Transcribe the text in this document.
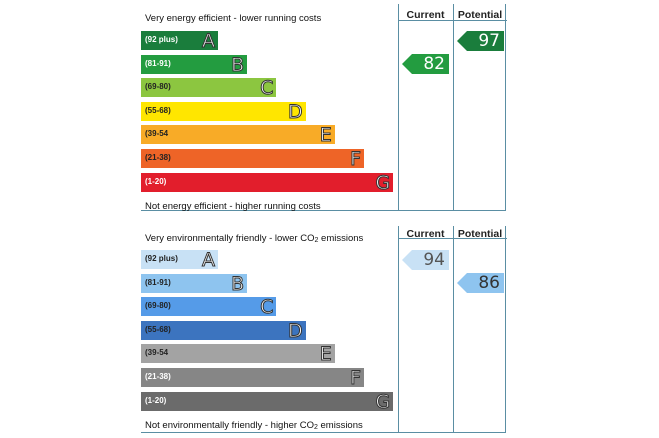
Very energy efficient - lower running costs
Not energy efficient - higher running costs
Current	Potential
(92 plus) A
(81-91)	B
(69-80)	C
(55-68)	D
(39-54	E
(21-38)	F
(1-20)	G
82
97
Very environmentally friendly - lower $CO_2$ emissions
Not environmentally friendly - higher $CO_2$ emissions
Current	Potential
(92 plus) A
(81-91)	B
(69-80)	C
(55-68)	D
(39-54	E
(21-38)	F
(1-20)	G
94
86
